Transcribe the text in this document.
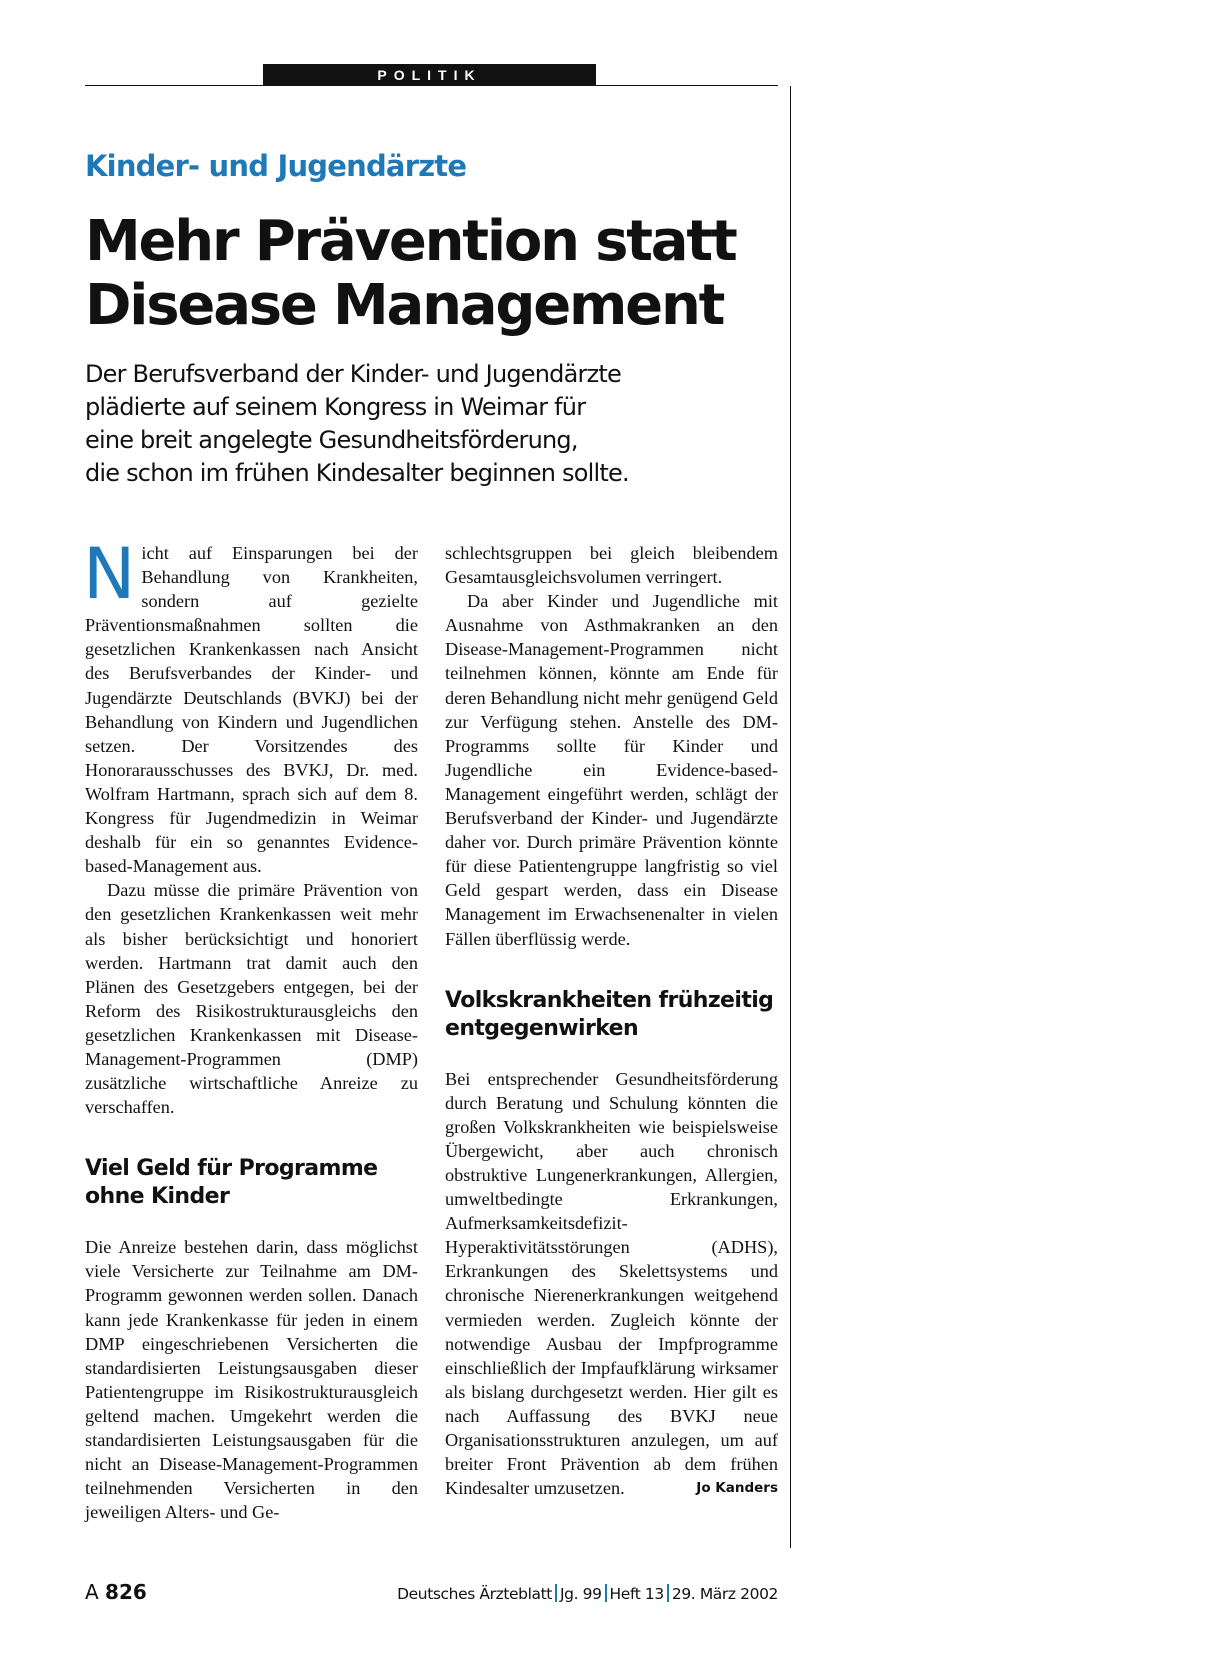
POLITIK
Kinder- und Jugendärzte
Mehr Prävention statt
Disease Management

Der Berufsverband der Kinder- und Jugendärzte
plädierte auf seinem Kongress in Weimar für
eine breit angelegte Gesundheitsförderung,
die schon im frühen Kindesalter beginnen sollte.

Nicht auf Einsparungen bei der Behandlung von Krankheiten, sondern auf gezielte Präventionsmaßnahmen sollten die gesetzlichen Krankenkassen nach Ansicht des Berufsverbandes der Kinder- und Jugendärzte Deutschlands (BVKJ) bei der Behandlung von Kindern und Jugendlichen setzen. Der Vorsitzendes des Honorarausschusses des BVKJ, Dr. med. Wolfram Hartmann, sprach sich auf dem 8. Kongress für Jugendmedizin in Weimar deshalb für ein so genanntes Evidence-based-Management aus.

Dazu müsse die primäre Prävention von den gesetzlichen Krankenkassen weit mehr als bisher berücksichtigt und honoriert werden. Hartmann trat damit auch den Plänen des Gesetzgebers entgegen, bei der Reform des Risikostrukturausgleichs den gesetzlichen Krankenkassen mit Disease-Management-Programmen (DMP) zusätzliche wirtschaftliche Anreize zu verschaffen.

Viel Geld für Programme ohne Kinder

Die Anreize bestehen darin, dass möglichst viele Versicherte zur Teilnahme am DM-Programm gewonnen werden sollen. Danach kann jede Krankenkasse für jeden in einem DMP eingeschriebenen Versicherten die standardisierten Leistungsausgaben dieser Patientengruppe im Risikostrukturausgleich geltend machen. Umgekehrt werden die standardisierten Leistungsausgaben für die nicht an Disease-Management-Programmen teilnehmenden Versicherten in den jeweiligen Alters- und Ge-

schlechtsgruppen bei gleich bleibendem Gesamtausgleichsvolumen verringert.

Da aber Kinder und Jugendliche mit Ausnahme von Asthmakranken an den Disease-Management-Programmen nicht teilnehmen können, könnte am Ende für deren Behandlung nicht mehr genügend Geld zur Verfügung stehen. Anstelle des DM-Programms sollte für Kinder und Jugendliche ein Evidence-based-Management eingeführt werden, schlägt der Berufsverband der Kinder- und Jugendärzte daher vor. Durch primäre Prävention könnte für diese Patientengruppe langfristig so viel Geld gespart werden, dass ein Disease Management im Erwachsenenalter in vielen Fällen überflüssig werde.

Volkskrankheiten frühzeitig entgegenwirken

Bei entsprechender Gesundheitsförderung durch Beratung und Schulung könnten die großen Volkskrankheiten wie beispielsweise Übergewicht, aber auch chronisch obstruktive Lungenerkrankungen, Allergien, umweltbedingte Erkrankungen, Aufmerksamkeitsdefizit-Hyperaktivitätsstörungen (ADHS), Erkrankungen des Skelettsystems und chronische Nierenerkrankungen weitgehend vermieden werden. Zugleich könnte der notwendige Ausbau der Impfprogramme einschließlich der Impfaufklärung wirksamer als bislang durchgesetzt werden. Hier gilt es nach Auffassung des BVKJ neue Organisationsstrukturen anzulegen, um auf breiter Front Prävention ab dem frühen Kindesalter umzusetzen.	Jo Kanders

A 826	Deutsches Ärzteblatt Jg. 99 Heft 13 29. März 2002
